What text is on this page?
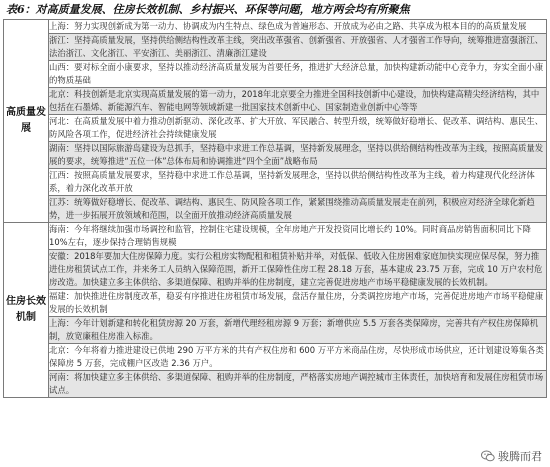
表6：对高质量发展、住房长效机制、乡村振兴、环保等问题，地方两会均有所聚焦
高质量发展	上海：努力实现创新成为第一动力、协调成为内生特点、绿色成为普遍形态、开放成为必由之路、共享成为根本目的的高质量发展
	浙江：坚持高质量发展，坚持供给侧结构性改革主线，突出改革强省、创新强省、开放强省、人才强省工作导向，统筹推进富强浙江、法治浙江、文化浙江、平安浙江、美丽浙江、清廉浙江建设
	山西：要对标全面小康要求，坚持以推动经济高质量发展为首要任务，推进扩大经济总量，加快构建新动能中心竞争力，夯实全面小康的物质基础
	北京：科技创新是北京实现高质量发展的第一动力，2018年北京要全力推进全国科技创新中心建设，加快构建高精尖经济结构，其中包括在石墨烯、新能源汽车、智能电网等领域新建一批国家技术创新中心、国家制造业创新中心等等
	河北：在高质量发展中着力推动创新驱动、深化改革、扩大开放、军民融合、转型升级，统筹做好稳增长、促改革、调结构、惠民生、防风险各项工作，促进经济社会持续健康发展
	湖南：坚持以国际旅游岛建设为总抓手，坚持稳中求进工作总基调，坚持新发展理念，坚持以供给侧结构性改革为主线，按照高质量发展的要求，统筹推进“五位一体”总体布局和协调推进“四个全面”战略布局
	江西：按照高质量发展要求，坚持稳中求进工作总基调，坚持新发展理念，坚持以供给侧结构性改革为主线，着力构建现代化经济体系，着力深化改革开放
	江苏：统筹做好稳增长、促改革、调结构、惠民生、防风险各项工作，紧紧围绕推动高质量发展走在前列，积极应对经济全球化新趋势，进一步拓展开放领域和范围，以全面开放推动经济高质量发展
住房长效机制	海南：今年将继续加强市场调控和监管，控制住宅建设规模，全年房地产开发投资同比增长约 10%。同时商品房销售面积同比下降 10%左右，逐步保持合理销售规模
	安徽：2018年要加大住房保障力度。实行公租房实物配租和租赁补贴并举，对低保、低收入住房困难家庭加快实现应保尽保，努力推进住房租赁试点工作，并来务工人员纳入保障范围，新开工保障性住房工程 28.18 万套，基本建成 23.75 万套，完成 10 万户农村危房改造。加快建立多主体供给、多渠道保障、租购并举的住房制度，建立完善促进房地产市场平稳健康发展的长效机制。
	福建：加快推进住房制度改革，稳妥有序推进住房租赁市场发展，盘活存量住房，分类调控房地产市场，完善促进房地产市场平稳健康发展的长效机制
	上海：今年计划新建和转化租赁房源 20 万套，新增代理经租房源 9 万套；新增供应 5.5 万套各类保障房，完善共有产权住房保障机制，放宽廉租住房准入标准。
	北京：今年将着力推进建设已供地 290 万平方米的共有产权住房和 600 万平方米商品住房，尽快形成市场供应，还计划建设筹集各类保障房 5 万套，完成棚户区改造 2.36 万户。
	河南：将加快建立多主体供给、多渠道保障、租购并举的住房制度，严格落实房地产调控城市主体责任，加快培育和发展住房租赁市场试点。
骏腾而君
